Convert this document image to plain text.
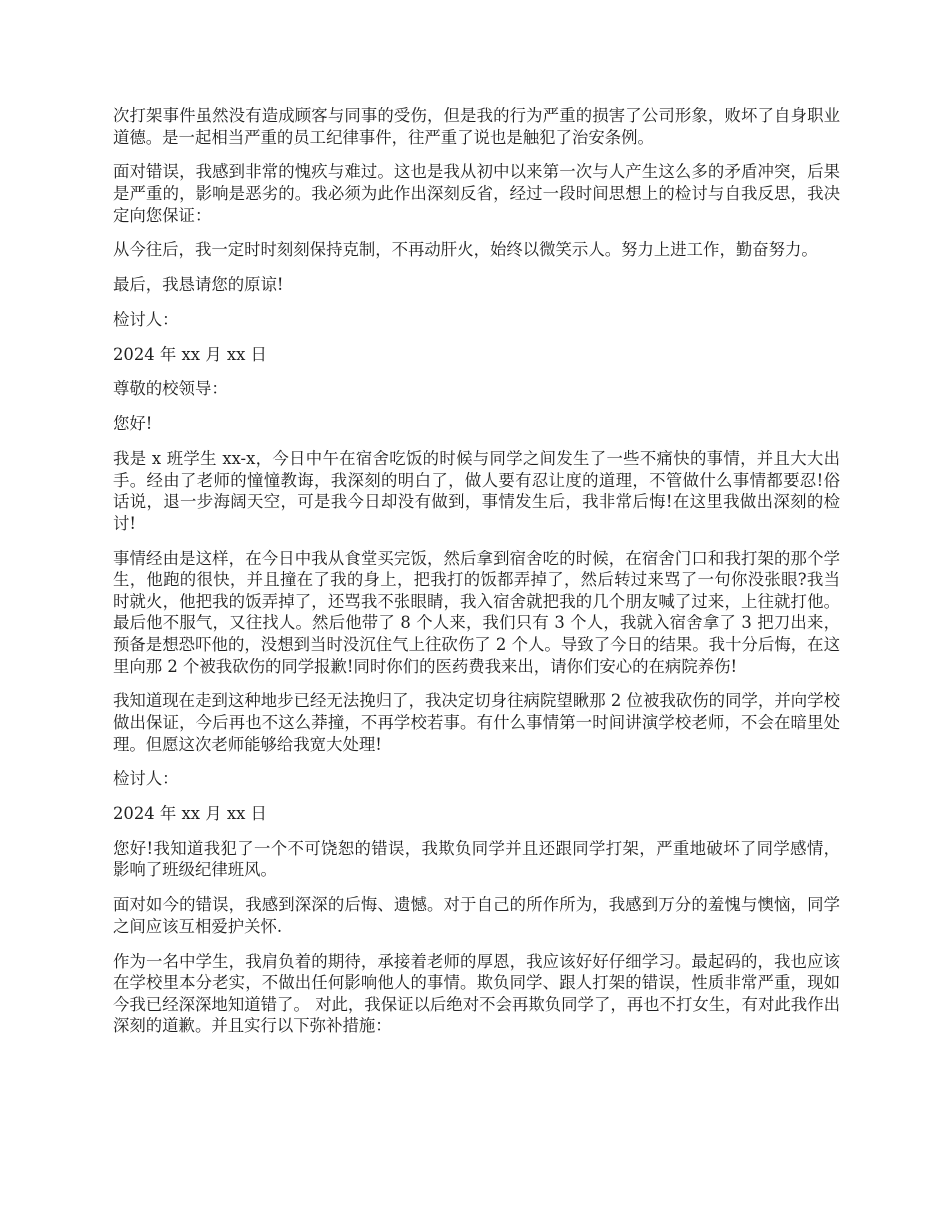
次打架事件虽然没有造成顾客与同事的受伤，但是我的行为严重的损害了公司形象，败坏了自身职业道德。是一起相当严重的员工纪律事件，往严重了说也是触犯了治安条例。

面对错误，我感到非常的愧疚与难过。这也是我从初中以来第一次与人产生这么多的矛盾冲突，后果是严重的，影响是恶劣的。我必须为此作出深刻反省，经过一段时间思想上的检讨与自我反思，我决定向您保证：

从今往后，我一定时时刻刻保持克制，不再动肝火，始终以微笑示人。努力上进工作，勤奋努力。

最后，我恳请您的原谅!

检讨人：

2024 年 xx 月 xx 日

尊敬的校领导：

您好!

我是 x 班学生 xx-x，今日中午在宿舍吃饭的时候与同学之间发生了一些不痛快的事情，并且大大出手。经由了老师的憧憧教诲，我深刻的明白了，做人要有忍让度的道理，不管做什么事情都要忍!俗话说，退一步海阔天空，可是我今日却没有做到，事情发生后，我非常后悔!在这里我做出深刻的检讨!

事情经由是这样，在今日中我从食堂买完饭，然后拿到宿舍吃的时候，在宿舍门口和我打架的那个学生，他跑的很快，并且撞在了我的身上，把我打的饭都弄掉了，然后转过来骂了一句你没张眼?我当时就火，他把我的饭弄掉了，还骂我不张眼睛，我入宿舍就把我的几个朋友喊了过来，上往就打他。最后他不服气，又往找人。然后他带了 8 个人来，我们只有 3 个人，我就入宿舍拿了 3 把刀出来，预备是想恐吓他的，没想到当时没沉住气上往砍伤了 2 个人。导致了今日的结果。我十分后悔，在这里向那 2 个被我砍伤的同学报歉!同时你们的医药费我来出，请你们安心的在病院养伤!

我知道现在走到这种地步已经无法挽归了，我决定切身往病院望瞅那 2 位被我砍伤的同学，并向学校做出保证，今后再也不这么莽撞，不再学校若事。有什么事情第一时间讲演学校老师，不会在暗里处理。但愿这次老师能够给我宽大处理!

检讨人：

2024 年 xx 月 xx 日

您好!我知道我犯了一个不可饶恕的错误，我欺负同学并且还跟同学打架，严重地破坏了同学感情，影响了班级纪律班风。

面对如今的错误，我感到深深的后悔、遗憾。对于自己的所作所为，我感到万分的羞愧与懊恼，同学之间应该互相爱护关怀.

作为一名中学生，我肩负着的期待，承接着老师的厚恩，我应该好好仔细学习。最起码的，我也应该在学校里本分老实，不做出任何影响他人的事情。欺负同学、跟人打架的错误，性质非常严重，现如今我已经深深地知道错了。 对此，我保证以后绝对不会再欺负同学了，再也不打女生，有对此我作出深刻的道歉。并且实行以下弥补措施：
